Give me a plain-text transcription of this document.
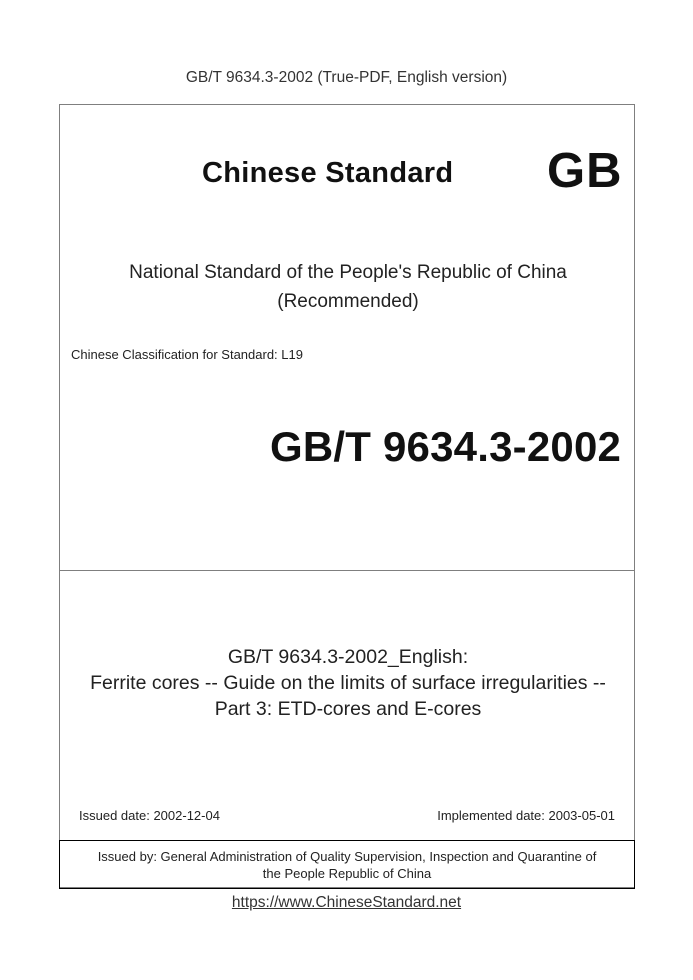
GB/T 9634.3-2002 (True-PDF, English version)
Chinese Standard GB
National Standard of the People's Republic of China
(Recommended)
Chinese Classification for Standard: L19
GB/T 9634.3-2002
GB/T 9634.3-2002_English:
Ferrite cores -- Guide on the limits of surface irregularities --
Part 3: ETD-cores and E-cores
Issued date: 2002-12-04	Implemented date: 2003-05-01
Issued by: General Administration of Quality Supervision, Inspection and Quarantine of
the People Republic of China
https://www.ChineseStandard.net
